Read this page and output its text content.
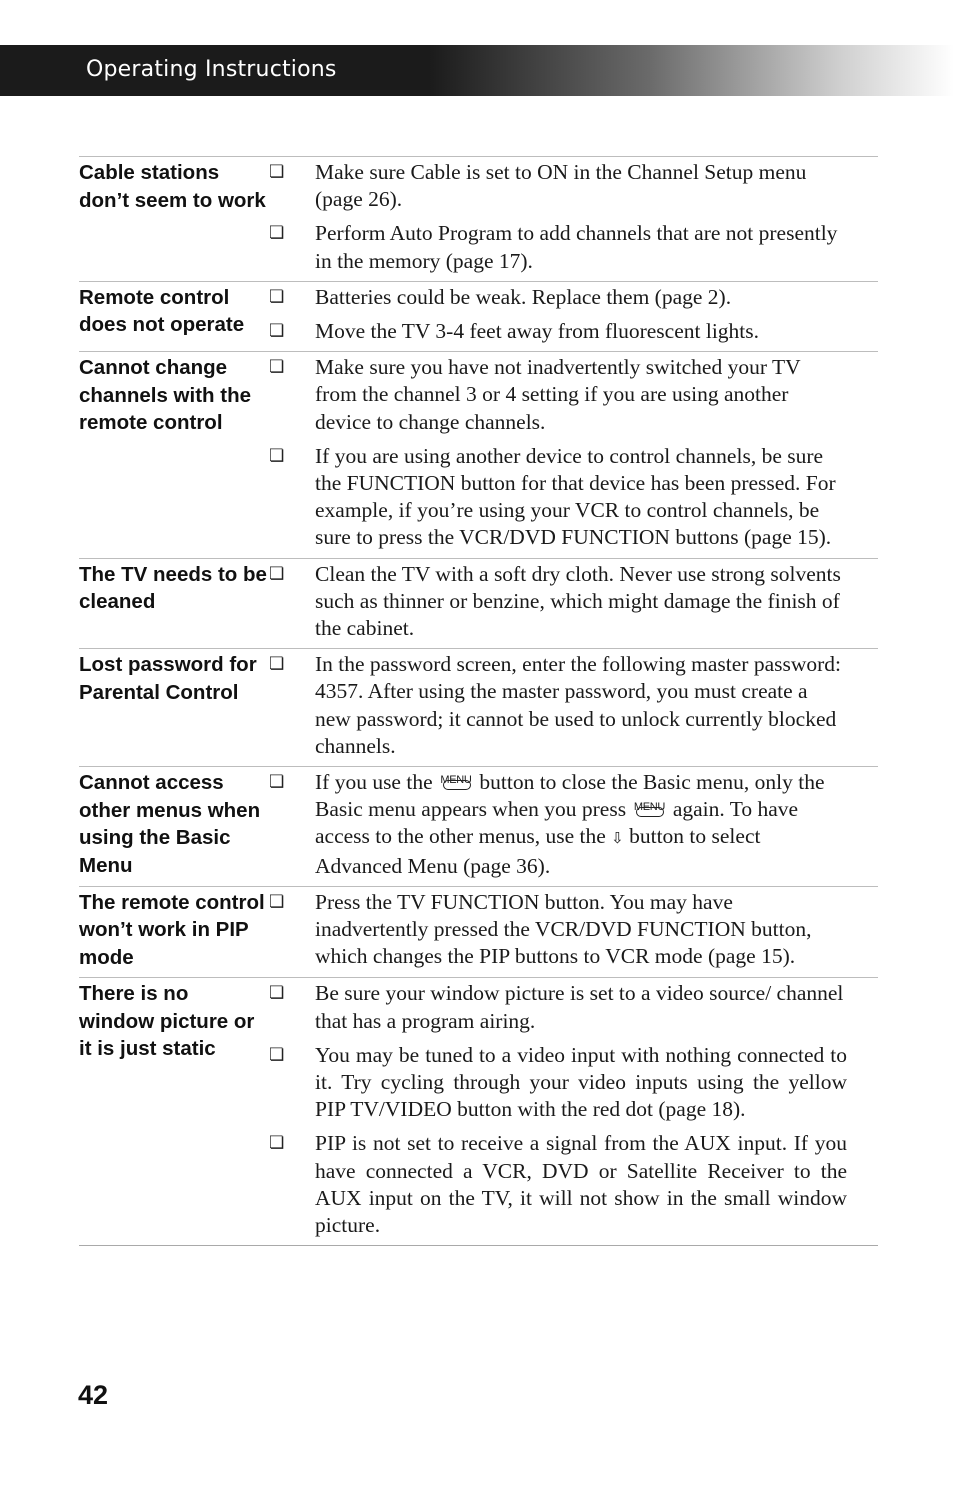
Operating Instructions
Cable stations don’t seem to work
❏	Make sure Cable is set to ON in the Channel Setup menu (page 26).
❏	Perform Auto Program to add channels that are not presently in the memory (page 17).
Remote control does not operate
❏	Batteries could be weak. Replace them (page 2).
❏	Move the TV 3-4 feet away from fluorescent lights.
Cannot change channels with the remote control
❏	Make sure you have not inadvertently switched your TV from the channel 3 or 4 setting if you are using another device to change channels.
❏	If you are using another device to control channels, be sure the FUNCTION button for that device has been pressed. For example, if you’re using your VCR to control channels, be sure to press the VCR/DVD FUNCTION buttons (page 15).
The TV needs to be cleaned
❏	Clean the TV with a soft dry cloth. Never use strong solvents such as thinner or benzine, which might damage the finish of the cabinet.
Lost password for Parental Control
❏	In the password screen, enter the following master password: 4357. After using the master password, you must create a new password; it cannot be used to unlock currently blocked channels.
Cannot access other menus when using the Basic Menu
❏	If you use the MENU button to close the Basic menu, only the Basic menu appears when you press MENU again. To have access to the other menus, use the ⇩ button to select Advanced Menu (page 36).
The remote control won’t work in PIP mode
❏	Press the TV FUNCTION button. You may have inadvertently pressed the VCR/DVD FUNCTION button, which changes the PIP buttons to VCR mode (page 15).
There is no window picture or it is just static
❏	Be sure your window picture is set to a video source/ channel that has a program airing.
❏	You may be tuned to a video input with nothing connected to it. Try cycling through your video inputs using the yellow PIP TV/VIDEO button with the red dot (page 18).
❏	PIP is not set to receive a signal from the AUX input. If you have connected a VCR, DVD or Satellite Receiver to the AUX input on the TV, it will not show in the small window picture.
42
